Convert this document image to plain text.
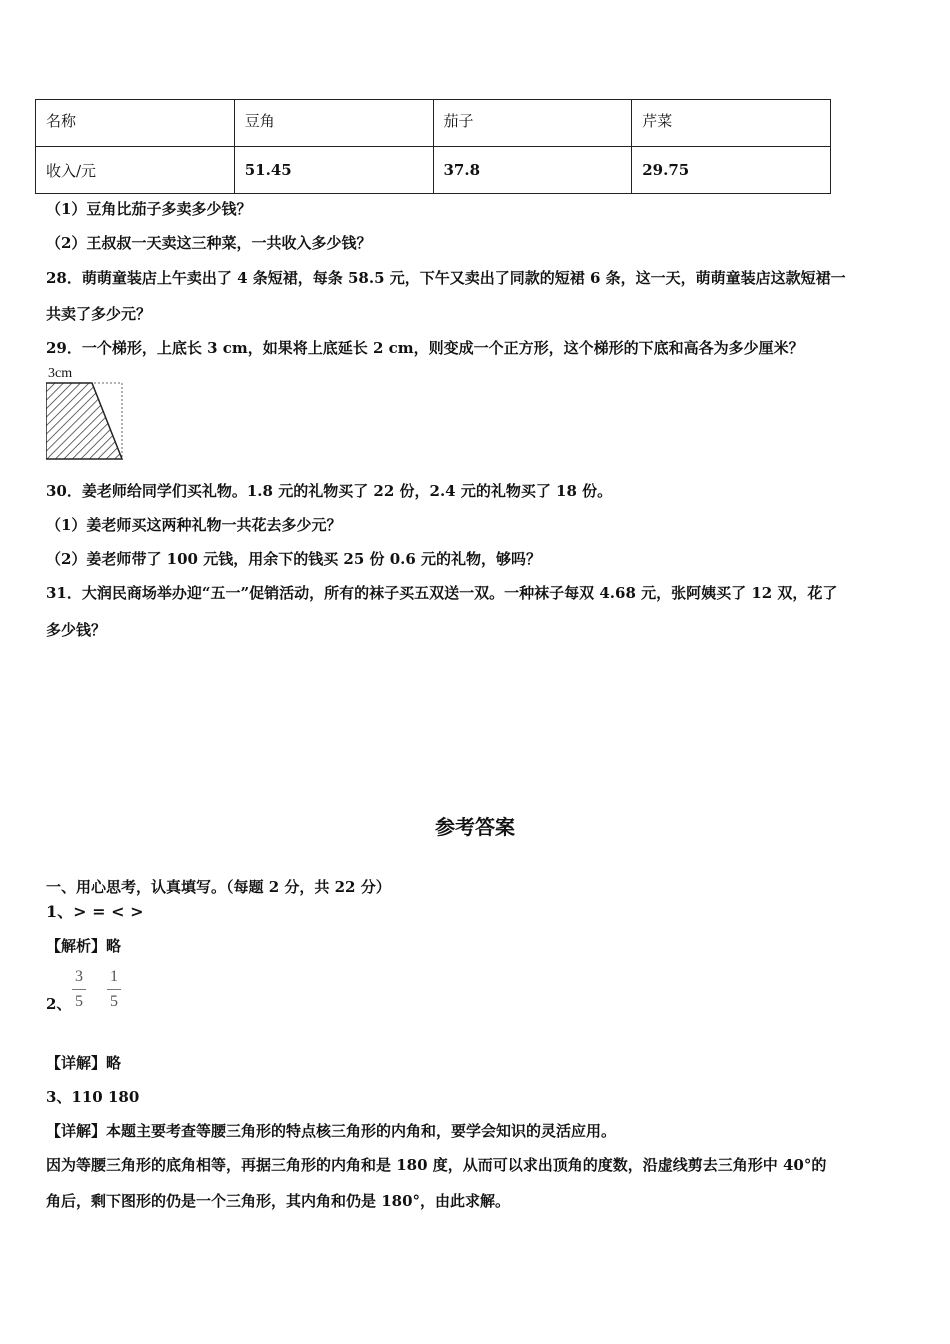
名称	豆角	茄子	芹菜
收入/元	51.45	37.8	29.75
（1）豆角比茄子多卖多少钱？
（2）王叔叔一天卖这三种菜，一共收入多少钱？
28．萌萌童装店上午卖出了 4 条短裙，每条 58.5 元，下午又卖出了同款的短裙 6 条，这一天，萌萌童装店这款短裙一
共卖了多少元？
29．一个梯形，上底长 3 cm，如果将上底延长 2 cm，则变成一个正方形，这个梯形的下底和高各为多少厘米？
3cm
30．姜老师给同学们买礼物。1.8 元的礼物买了 22 份，2.4 元的礼物买了 18 份。
（1）姜老师买这两种礼物一共花去多少元？
（2）姜老师带了 100 元钱，用余下的钱买 25 份 0.6 元的礼物，够吗？
31．大润民商场举办迎“五一”促销活动，所有的袜子买五双送一双。一种袜子每双 4.68 元，张阿姨买了 12 双，花了
多少钱？
参考答案
一、用心思考，认真填写。（每题 2 分，共 22 分）
1、> = < >
【解析】略
2、
3
5
1
5
【详解】略
3、110 180
【详解】本题主要考查等腰三角形的特点核三角形的内角和，要学会知识的灵活应用。
因为等腰三角形的底角相等，再据三角形的内角和是 180 度，从而可以求出顶角的度数，沿虚线剪去三角形中 40°的
角后，剩下图形的仍是一个三角形，其内角和仍是 180°，由此求解。
